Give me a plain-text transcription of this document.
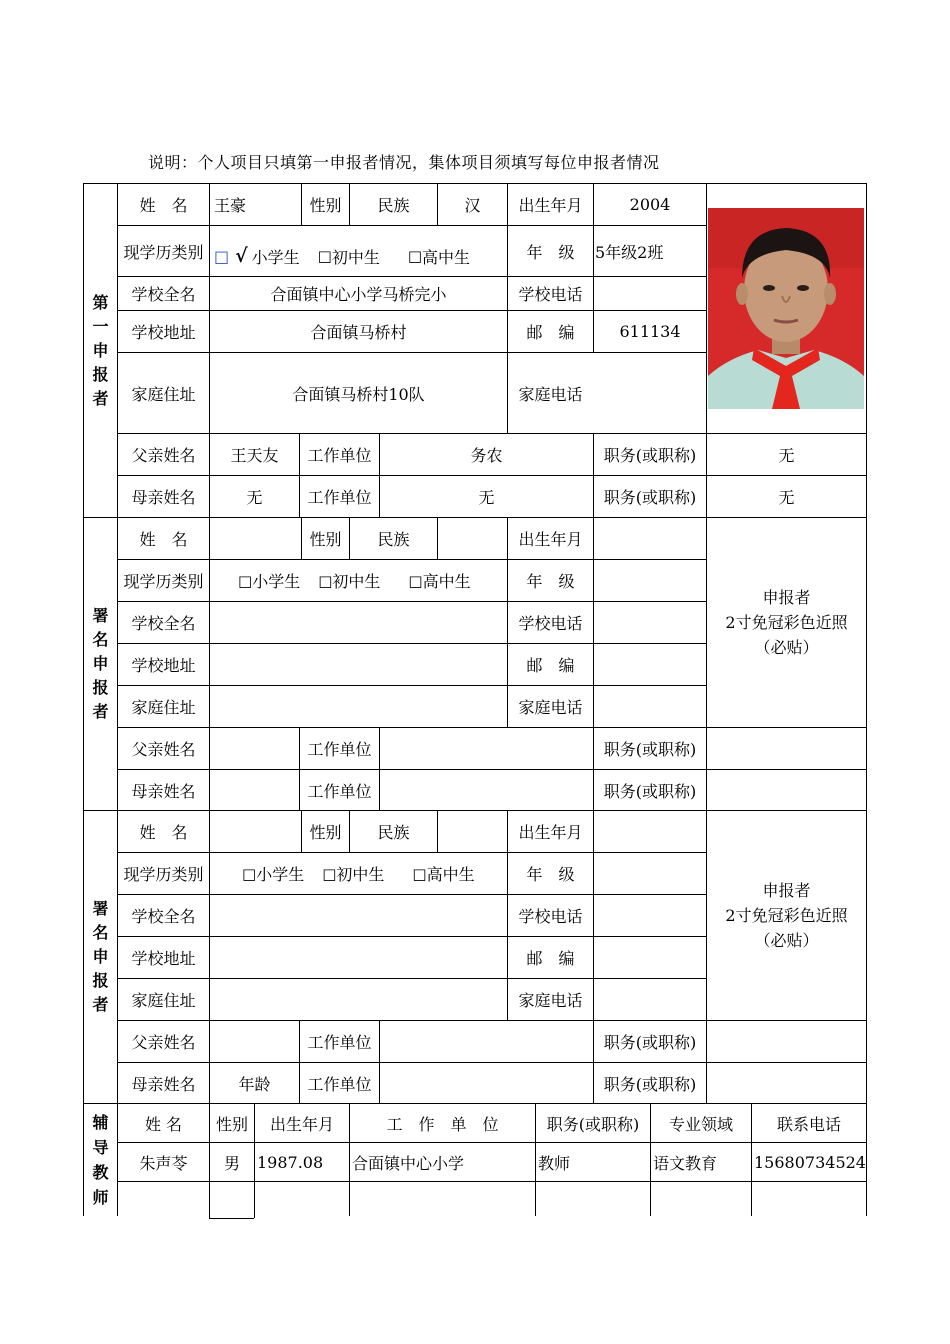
说明：个人项目只填第一申报者情况，集体项目须填写每位申报者情况
第
一
申
报
者
姓　名	王豪	性别	民族	汉	出生年月	2004
现学历类别 □ √ 小学生 □ 初中生 □ 高中生	年　级	5年级2班
学校全名	合面镇中心小学马桥完小	学校电话
学校地址	合面镇马桥村	邮　编	611134
家庭住址	合面镇马桥村10队	家庭电话
父亲姓名	王天友	工作单位	务农	职务(或职称)	无
母亲姓名	无	工作单位	无	职务(或职称)	无
署
名
申
报
者
姓　名	性别	民族	出生年月
现学历类别	□ 小学生 □ 初中生 □ 高中生	年　级
学校全名	学校电话
学校地址	邮　编
家庭住址	家庭电话
申报者
2寸免冠彩色近照
（必贴）
父亲姓名	工作单位	职务(或职称)
母亲姓名	工作单位	职务(或职称)
署
名
申
报
者
姓　名	性别	民族	出生年月
现学历类别	□ 小学生 □ 初中生 □ 高中生	年　级
学校全名	学校电话
学校地址	邮　编
家庭住址	家庭电话
申报者
2寸免冠彩色近照
（必贴）
父亲姓名	工作单位	职务(或职称)
母亲姓名	年龄	工作单位	职务(或职称)
辅
导
教
师
姓 名	性别	出生年月	工　作　单　位	职务(或职称)	专业领域	联系电话
朱声苓	男	1987.08	合面镇中心小学	教师	语文教育	15680734524
